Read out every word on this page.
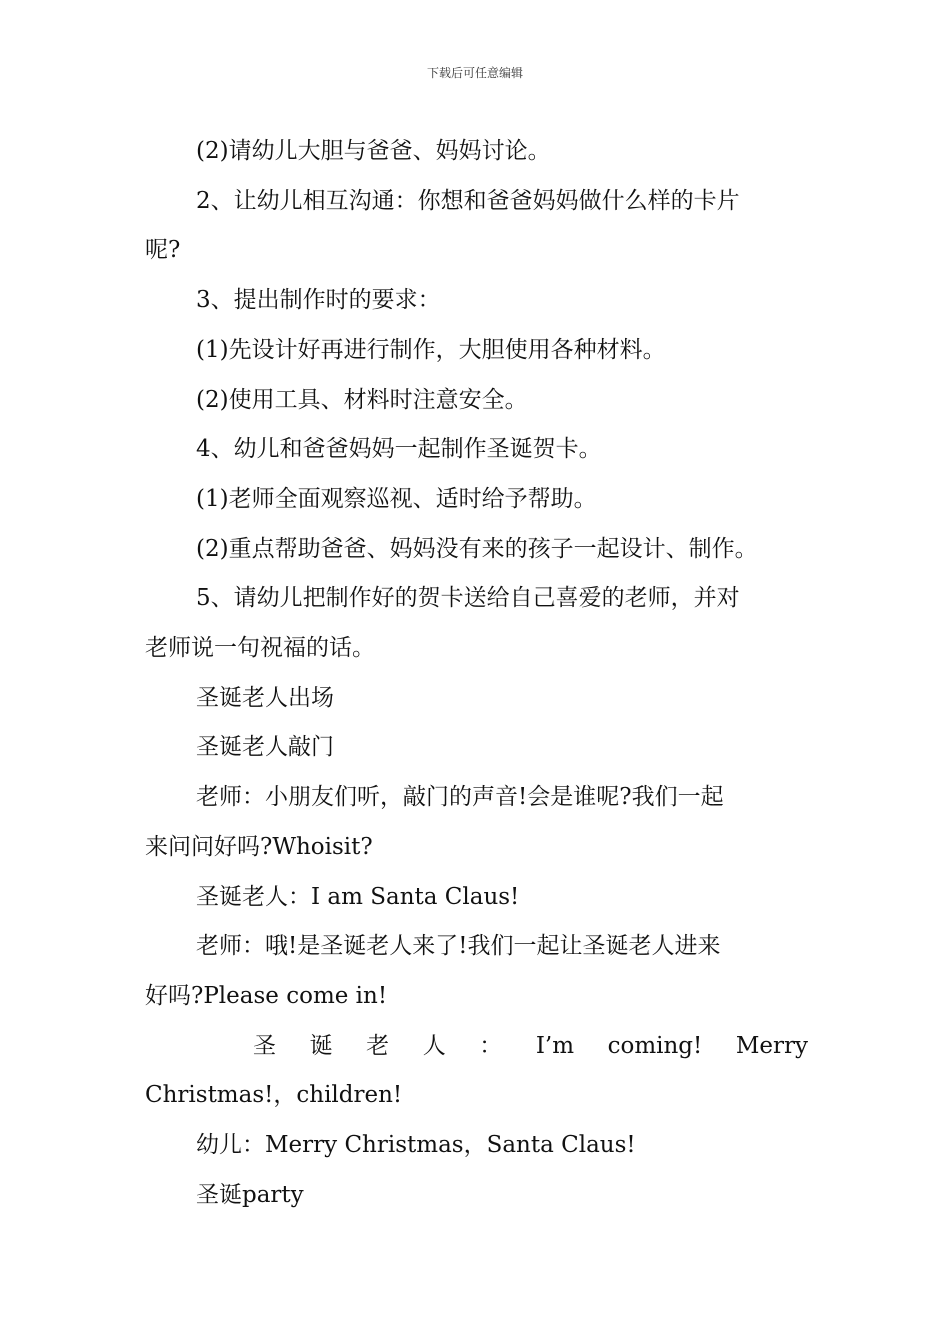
下载后可任意编辑

(2)请幼儿大胆与爸爸、妈妈讨论。

2、让幼儿相互沟通：你想和爸爸妈妈做什么样的卡片

呢?

3、提出制作时的要求：

(1)先设计好再进行制作，大胆使用各种材料。

(2)使用工具、材料时注意安全。

4、幼儿和爸爸妈妈一起制作圣诞贺卡。

(1)老师全面观察巡视、适时给予帮助。

(2)重点帮助爸爸、妈妈没有来的孩子一起设计、制作。

5、请幼儿把制作好的贺卡送给自己喜爱的老师，并对

老师说一句祝福的话。

圣诞老人出场

圣诞老人敲门

老师：小朋友们听，敲门的声音!会是谁呢?我们一起

来问问好吗?Whoisit?

圣诞老人：I am Santa Claus!

老师：哦!是圣诞老人来了!我们一起让圣诞老人进来

好吗?Please come in!

圣 诞 老 人 ： I’m coming! Merry

Christmas!，children!

幼儿：Merry Christmas，Santa Claus!

圣诞party
